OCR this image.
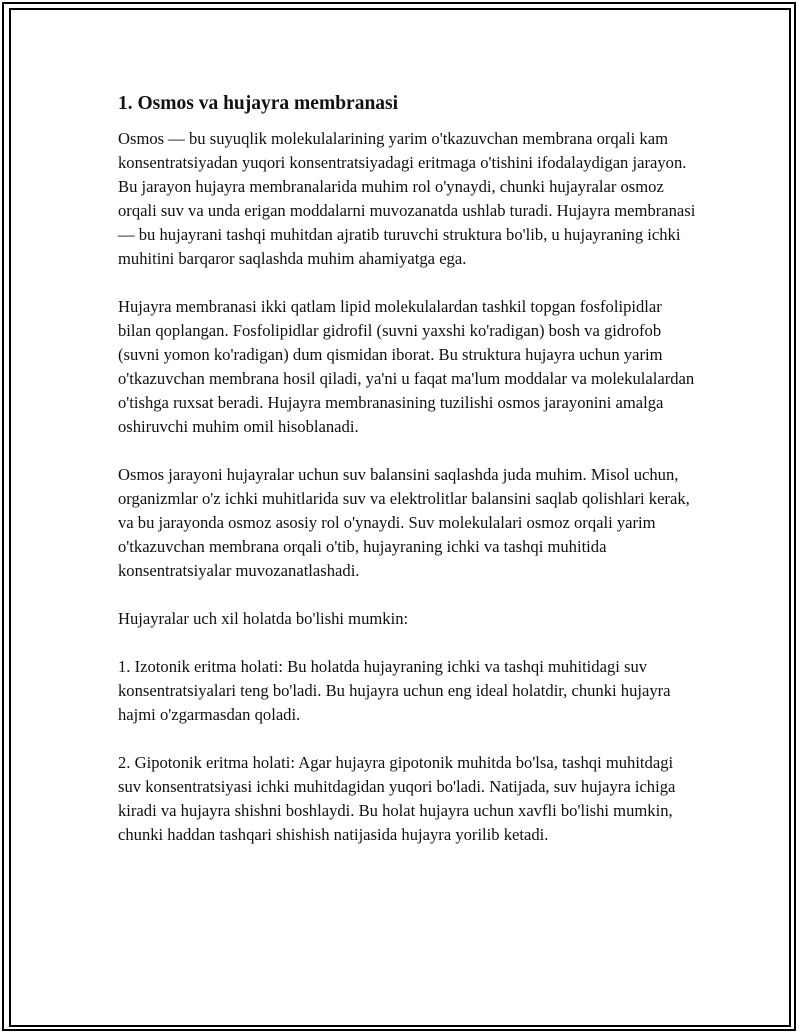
1. Osmos va hujayra membranasi

Osmos — bu suyuqlik molekulalarining yarim o'tkazuvchan membrana orqali kam konsentratsiyadan yuqori konsentratsiyadagi eritmaga o'tishini ifodalaydigan jarayon. Bu jarayon hujayra membranalarida muhim rol o'ynaydi, chunki hujayralar osmoz orqali suv va unda erigan moddalarni muvozanatda ushlab turadi. Hujayra membranasi — bu hujayrani tashqi muhitdan ajratib turuvchi struktura bo'lib, u hujayraning ichki muhitini barqaror saqlashda muhim ahamiyatga ega.

Hujayra membranasi ikki qatlam lipid molekulalardan tashkil topgan fosfolipidlar bilan qoplangan. Fosfolipidlar gidrofil (suvni yaxshi ko'radigan) bosh va gidrofob (suvni yomon ko'radigan) dum qismidan iborat. Bu struktura hujayra uchun yarim o'tkazuvchan membrana hosil qiladi, ya'ni u faqat ma'lum moddalar va molekulalardan o'tishga ruxsat beradi. Hujayra membranasining tuzilishi osmos jarayonini amalga oshiruvchi muhim omil hisoblanadi.

Osmos jarayoni hujayralar uchun suv balansini saqlashda juda muhim. Misol uchun, organizmlar o'z ichki muhitlarida suv va elektrolitlar balansini saqlab qolishlari kerak, va bu jarayonda osmoz asosiy rol o'ynaydi. Suv molekulalari osmoz orqali yarim o'tkazuvchan membrana orqali o'tib, hujayraning ichki va tashqi muhitida konsentratsiyalar muvozanatlashadi.

Hujayralar uch xil holatda bo'lishi mumkin:

1. Izotonik eritma holati: Bu holatda hujayraning ichki va tashqi muhitidagi suv konsentratsiyalari teng bo'ladi. Bu hujayra uchun eng ideal holatdir, chunki hujayra hajmi o'zgarmasdan qoladi.

2. Gipotonik eritma holati: Agar hujayra gipotonik muhitda bo'lsa, tashqi muhitdagi suv konsentratsiyasi ichki muhitdagidan yuqori bo'ladi. Natijada, suv hujayra ichiga kiradi va hujayra shishni boshlaydi. Bu holat hujayra uchun xavfli bo'lishi mumkin, chunki haddan tashqari shishish natijasida hujayra yorilib ketadi.
